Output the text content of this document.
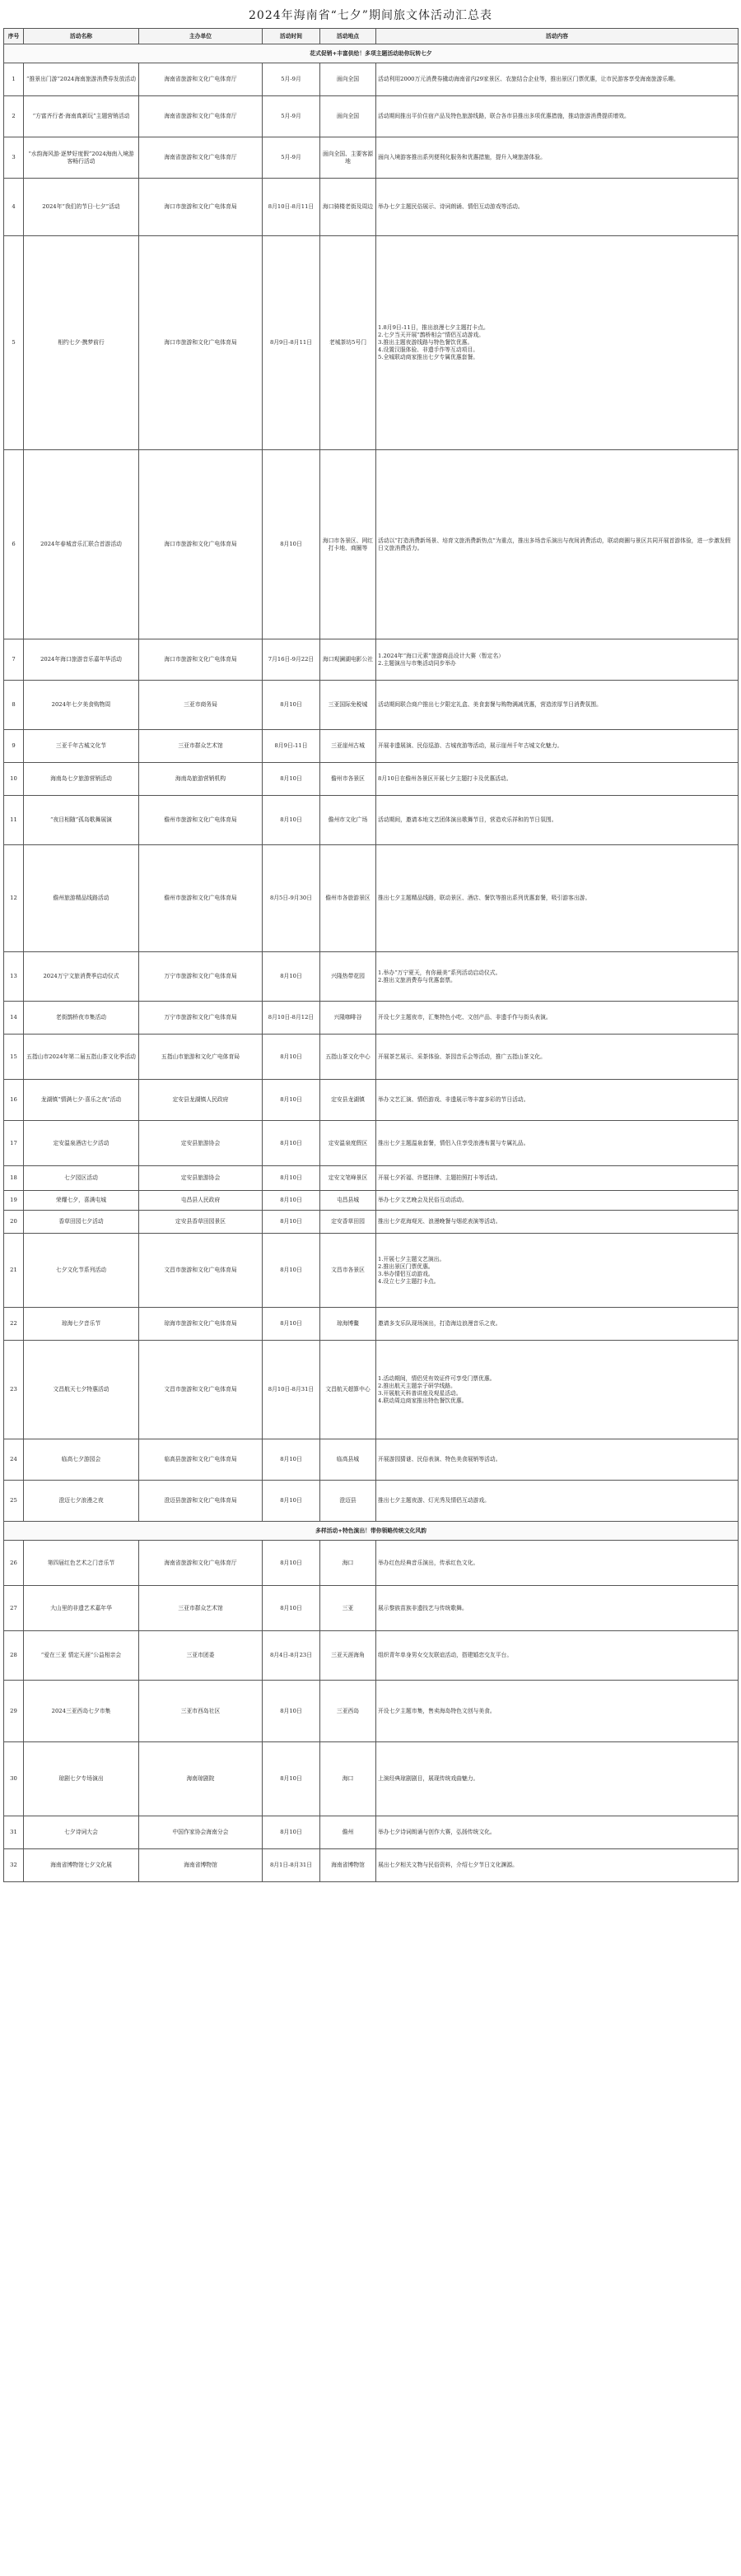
2024年海南省“七夕”期间旅文体活动汇总表
序号	活动名称	主办单位	活动时间	活动地点	活动内容
花式促销+丰富供给！多项主题活动助你玩转七夕					
1	“推景出门游”2024海南旅游消费券发放活动	海南省旅游和文化广电体育厅	5月-9月	面向全国	活动利用2000万元消费券撬动海南省内29家景区、农旅结合企业等，推出景区门票优惠，让市民游客享受海南旅游乐趣。
2	“方富齐行者·海南真新玩”主题营销活动	海南省旅游和文化广电体育厅	5月-9月	面向全国	活动期间推出平价住宿产品及特色旅游线路，联合各市县推出多项优惠措施，推动旅游消费提质增效。
3	“水韵海风游·逐梦好度假”2024海南入境游客畅行活动	海南省旅游和文化广电体育厅	5月-9月	面向全国、主要客源地	面向入境游客推出系列便利化服务和优惠措施，提升入境旅游体验。
4	2024年“我们的节日·七夕”活动	海口市旅游和文化广电体育局	8月10日-8月11日	海口骑楼老街及周边	举办七夕主题民俗展示、诗词朗诵、情侣互动游戏等活动。
5	相约七夕·携梦前行	海口市旅游和文化广电体育局	8月9日-8月11日	老城茶坊5号门	1.8月9日-11日，推出浪漫七夕主题打卡点。
2.七夕当天开展“鹊桥相会”情侣互动游戏。
3.推出主题夜游线路与特色餐饮优惠。
4.设置汉服体验、非遗手作等互动项目。
5.全城联动商家推出七夕专属优惠套餐。
6	2024年春城音乐汇联合首游活动	海口市旅游和文化广电体育局	8月10日	海口市各景区、网红打卡地、商圈等	活动以“打造消费新场景、培育文旅消费新热点”为重点，推出多场音乐演出与夜间消费活动，联动商圈与景区共同开展首游体验，进一步激发假日文旅消费活力。
7	2024年海口旅游音乐嘉年华活动	海口市旅游和文化广电体育局	7月16日-9月22日	海口观澜湖电影公社	1.2024年“海口元素”旅游商品设计大赛（暂定名）
2.主题演出与市集活动同步举办
8	2024年七夕美食购物周	三亚市商务局	8月10日	三亚国际免税城	活动期间联合商户推出七夕限定礼盒、美食套餐与购物满减优惠，营造浓厚节日消费氛围。
9	三亚千年古城文化节	三亚市群众艺术馆	8月9日-11日	三亚崖州古城	开展非遗展演、民俗巡游、古城夜游等活动，展示崖州千年古城文化魅力。
10	海南岛七夕旅游营销活动	海南岛旅游营销机构	8月10日	儋州市各景区	8月10日在儋州各景区开展七夕主题打卡及优惠活动。
11	“夜目相随”孤岛歌舞展演	儋州市旅游和文化广电体育局	8月10日	儋州市文化广场	活动期间，邀请本地文艺团体演出歌舞节目，营造欢乐祥和的节日氛围。
12	儋州旅游精品线路活动	儋州市旅游和文化广电体育局	8月5日-9月30日	儋州市各旅游景区	推出七夕主题精品线路，联动景区、酒店、餐饮等推出系列优惠套餐，吸引游客出游。
13	2024万宁文旅消费季启动仪式	万宁市旅游和文化广电体育局	8月10日	兴隆热带花园	1.举办“万宁夏天，有你最美”系列活动启动仪式。
2.推出文旅消费券与优惠套票。
14	老街鹊桥夜市集活动	万宁市旅游和文化广电体育局	8月10日-8月12日	兴隆咖啡谷	开设七夕主题夜市，汇集特色小吃、文创产品、非遗手作与街头表演。
15	五指山市2024年第二届五指山茶文化季活动	五指山市旅游和文化广电体育局	8月10日	五指山茶文化中心	开展茶艺展示、采茶体验、茶园音乐会等活动，推广五指山茶文化。
16	龙湖镇“情满七夕·喜乐之夜”活动	定安县龙湖镇人民政府	8月10日	定安县龙湖镇	举办文艺汇演、情侣游戏、非遗展示等丰富多彩的节日活动。
17	定安温泉酒店七夕活动	定安县旅游协会	8月10日	定安温泉度假区	推出七夕主题温泉套餐，情侣入住享受浪漫布置与专属礼品。
18	七夕园区活动	定安县旅游协会	8月10日	定安文笔峰景区	开展七夕祈福、许愿挂牌、主题拍照打卡等活动。
19	荣耀七夕，喜满屯城	屯昌县人民政府	8月10日	屯昌县城	举办七夕文艺晚会及民俗互动活动。
20	香草田园七夕活动	定安县香草田园景区	8月10日	定安香草田园	推出七夕花海观光、浪漫晚餐与烟花表演等活动。
21	七夕文化节系列活动	文昌市旅游和文化广电体育局	8月10日	文昌市各景区	1.开展七夕主题文艺演出。
2.推出景区门票优惠。
3.举办情侣互动游戏。
4.设立七夕主题打卡点。
22	琼海七夕音乐节	琼海市旅游和文化广电体育局	8月10日	琼海博鳌	邀请多支乐队现场演出，打造海边浪漫音乐之夜。
23	文昌航天七夕特惠活动	文昌市旅游和文化广电体育局	8月10日-8月31日	文昌航天超算中心	1.活动期间，情侣凭有效证件可享受门票优惠。
2.推出航天主题亲子研学线路。
3.开展航天科普讲座及观星活动。
4.联动周边商家推出特色餐饮优惠。
24	临高七夕游园会	临高县旅游和文化广电体育局	8月10日	临高县城	开展游园猜谜、民俗表演、特色美食展销等活动。
25	澄迈七夕浪漫之夜	澄迈县旅游和文化广电体育局	8月10日	澄迈县	推出七夕主题夜游、灯光秀及情侣互动游戏。
多样活动+特色演出！带你领略传统文化风韵					
26	第四届红色艺术之门音乐节	海南省旅游和文化广电体育厅	8月10日	海口	举办红色经典音乐演出，传承红色文化。
27	大山里的非遗艺术嘉年华	三亚市群众艺术馆	8月10日	三亚	展示黎族苗族非遗技艺与传统歌舞。
28	“爱在三亚 情定天涯”公益相亲会	三亚市团委	8月4日-8月23日	三亚天涯海角	组织青年单身男女交友联谊活动，搭建婚恋交友平台。
29	2024三亚西岛七夕市集	三亚市西岛社区	8月10日	三亚西岛	开设七夕主题市集，售卖海岛特色文创与美食。
30	琼剧七夕专场演出	海南琼剧院	8月10日	海口	上演经典琼剧剧目，展现传统戏曲魅力。
31	七夕诗词大会	中国作家协会海南分会	8月10日	儋州	举办七夕诗词朗诵与创作大赛，弘扬传统文化。
32	海南省博物馆七夕文化展	海南省博物馆	8月1日-8月31日	海南省博物馆	展出七夕相关文物与民俗资料，介绍七夕节日文化渊源。
